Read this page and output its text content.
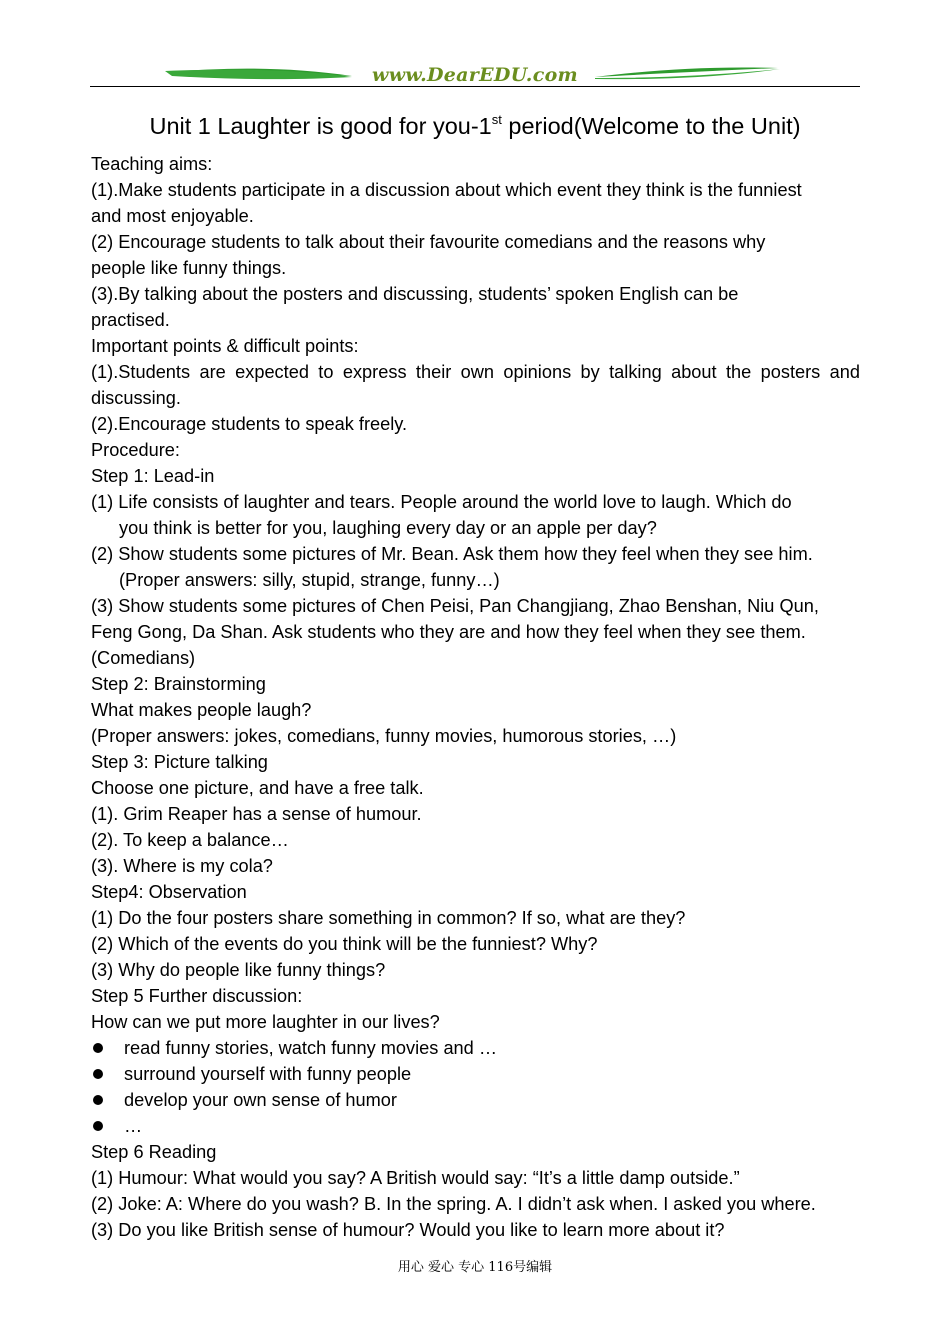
www.DearEDU.com
Unit 1 Laughter is good for you-1st period(Welcome to the Unit)
Teaching aims:
(1).Make students participate in a discussion about which event they think is the funniest
and most enjoyable.
(2) Encourage students to talk about their favourite comedians and the reasons why
people like funny things.
(3).By talking about the posters and discussing, students’ spoken English can be
practised.
Important points & difficult points:
(1).Students are expected to express their own opinions by talking about the posters and
discussing.
(2).Encourage students to speak freely.
Procedure:
Step 1: Lead-in
(1) Life consists of laughter and tears. People around the world love to laugh. Which do
you think is better for you, laughing every day or an apple per day?
(2) Show students some pictures of Mr. Bean. Ask them how they feel when they see him.
(Proper answers: silly, stupid, strange, funny…)
(3) Show students some pictures of Chen Peisi, Pan Changjiang, Zhao Benshan, Niu Qun,
Feng Gong, Da Shan. Ask students who they are and how they feel when they see them.
(Comedians)
Step 2: Brainstorming
What makes people laugh?
(Proper answers: jokes, comedians, funny movies, humorous stories, …)
Step 3: Picture talking
Choose one picture, and have a free talk.
(1). Grim Reaper has a sense of humour.
(2). To keep a balance…
(3). Where is my cola?
Step4: Observation
(1) Do the four posters share something in common? If so, what are they?
(2) Which of the events do you think will be the funniest? Why?
(3) Why do people like funny things?
Step 5 Further discussion:
How can we put more laughter in our lives?
read funny stories, watch funny movies and …
surround yourself with funny people
develop your own sense of humor
…
Step 6 Reading
(1) Humour: What would you say? A British would say: “It’s a little damp outside.”
(2) Joke: A: Where do you wash? B. In the spring. A. I didn’t ask when. I asked you where.
(3) Do you like British sense of humour? Would you like to learn more about it?
用心 爱心 专心 116号编辑
